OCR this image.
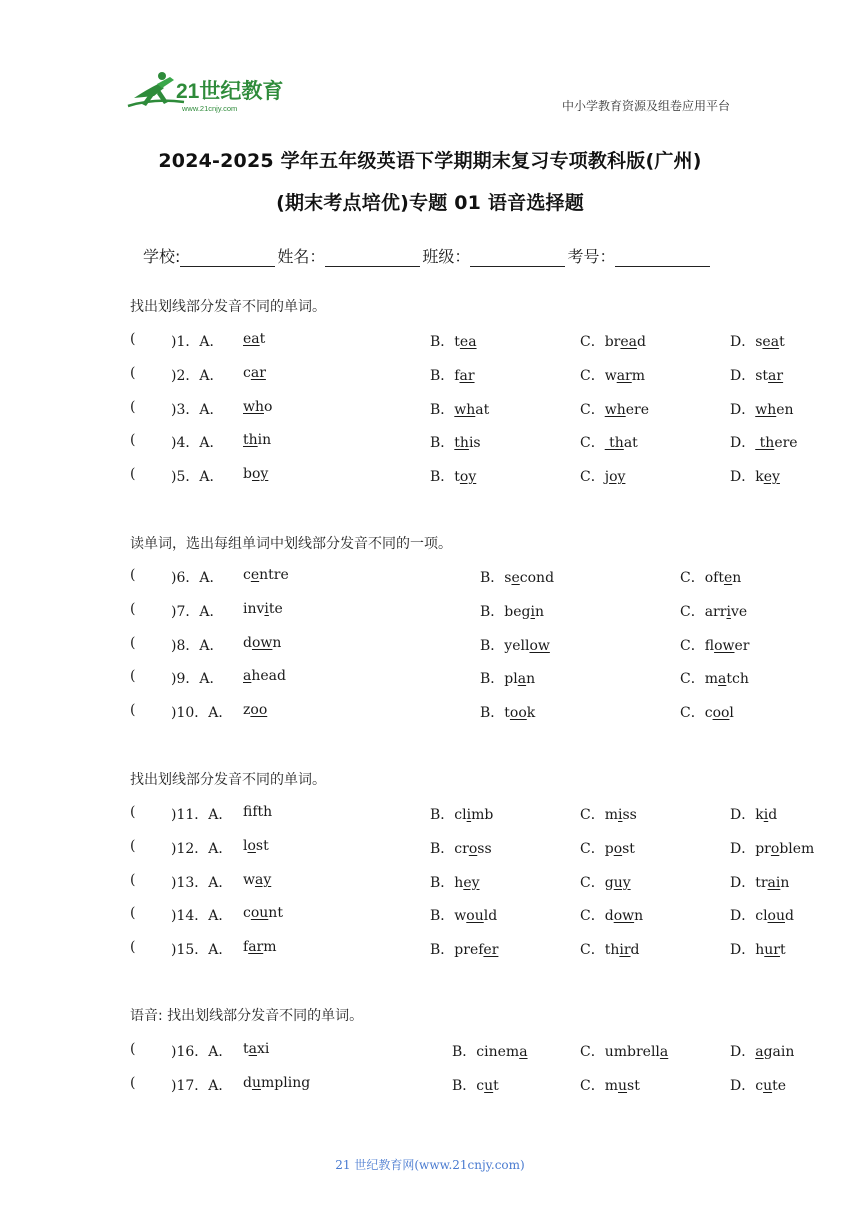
21世纪教育
www.21cnjy.com	中小学教育资源及组卷应用平台
2024-2025 学年五年级英语下学期期末复习专项教科版(广州)
(期末考点培优)专题 01 语音选择题
学校:	姓名：	班级：	考号：
找出划线部分发音不同的单词。
(	)1．A． eat	B．tea	C．bread	D．seat
(	)2．A． car	B．far	C．warm	D．star
(	)3．A． who	B．what	C．where	D．when
(	)4．A． thin	B．this	C． that	D． there
(	)5．A． boy	B．toy	C．joy	D．key
读单词，选出每组单词中划线部分发音不同的一项。
(	)6．A． centre	B．second	C．often
(	)7．A． invite	B．begin	C．arrive
(	)8．A． down	B．yellow	C．flower
(	)9．A． ahead	B．plan	C．match
(	)10．A． zoo	B．took	C．cool
找出划线部分发音不同的单词。
(	)11．A． ffth	B．climb	C．miss	D．kid
(	)12．A． lost	B．cross	C．post	D．problem
(	)13．A． way	B．hey	C．guy	D．train
(	)14．A． count	B．would	C．down	D．cloud
(	)15．A． farm	B．prefer	C．third	D．hurt
语音: 找出划线部分发音不同的单词。
(	)16．A． taxi	B．cinema	C．umbrella	D．again
(	)17．A． dumpling	B．cut	C．must	D．cute
21 世纪教育网(www.21cnjy.com)
